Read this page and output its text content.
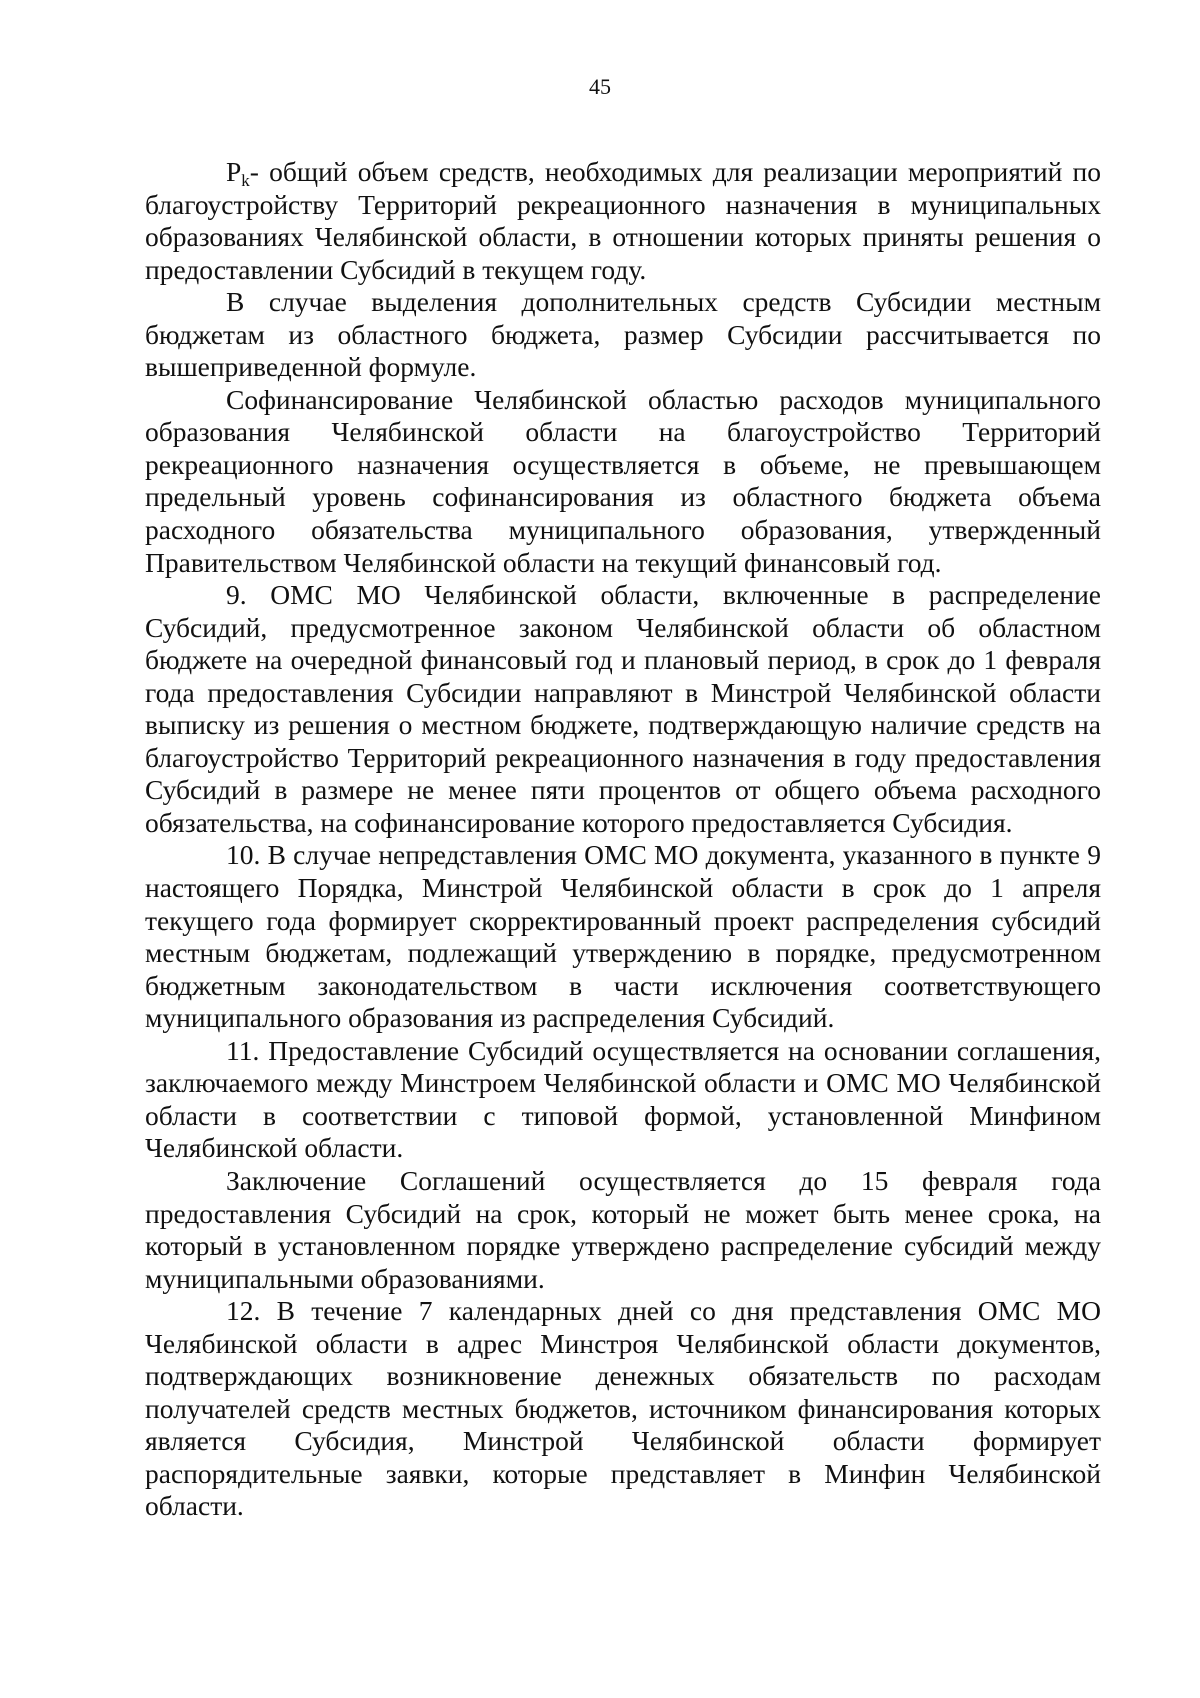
45

$P_k-$ общий объем средств, необходимых для реализации мероприятий по благоустройству Территорий рекреационного назначения в муниципальных образованиях Челябинской области, в отношении которых приняты решения о предоставлении Субсидий в текущем году.

В случае выделения дополнительных средств Субсидии местным бюджетам из областного бюджета, размер Субсидии рассчитывается по вышеприведенной формуле.

Софинансирование Челябинской областью расходов муниципального образования Челябинской области на благоустройство Территорий рекреационного назначения осуществляется в объеме, не превышающем предельный уровень софинансирования из областного бюджета объема расходного обязательства муниципального образования, утвержденный Правительством Челябинской области на текущий финансовый год.

9. ОМС МО Челябинской области, включенные в распределение Субсидий, предусмотренное законом Челябинской области об областном бюджете на очередной финансовый год и плановый период, в срок до 1 февраля года предоставления Субсидии направляют в Минстрой Челябинской области выписку из решения о местном бюджете, подтверждающую наличие средств на благоустройство Территорий рекреационного назначения в году предоставления Субсидий в размере не менее пяти процентов от общего объема расходного обязательства, на софинансирование которого предоставляется Субсидия.

10. В случае непредставления ОМС МО документа, указанного в пункте 9 настоящего Порядка, Минстрой Челябинской области в срок до 1 апреля текущего года формирует скорректированный проект распределения субсидий местным бюджетам, подлежащий утверждению в порядке, предусмотренном бюджетным законодательством в части исключения соответствующего муниципального образования из распределения Субсидий.

11. Предоставление Субсидий осуществляется на основании соглашения, заключаемого между Минстроем Челябинской области и ОМС МО Челябинской области в соответствии с типовой формой, установленной Минфином Челябинской области.

Заключение Соглашений осуществляется до 15 февраля года предоставления Субсидий на срок, который не может быть менее срока, на который в установленном порядке утверждено распределение субсидий между муниципальными образованиями.

12. В течение 7 календарных дней со дня представления ОМС МО Челябинской области в адрес Минстроя Челябинской области документов, подтверждающих возникновение денежных обязательств по расходам получателей средств местных бюджетов, источником финансирования которых является Субсидия, Минстрой Челябинской области формирует распорядительные заявки, которые представляет в Минфин Челябинской области.
